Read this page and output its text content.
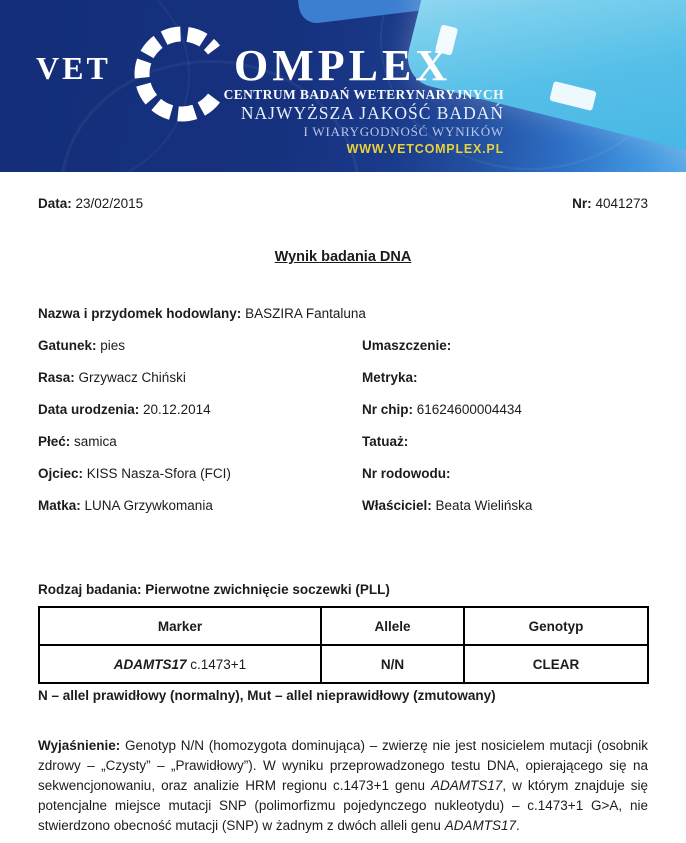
VET	OMPLEX
CENTRUM BADAŃ WETERYNARYJNYCH
NAJWYŻSZA JAKOŚĆ BADAŃ
I WIARYGODNOŚĆ WYNIKÓW
WWW.VETCOMPLEX.PL
Data: 23/02/2015	Nr: 4041273
Wynik badania DNA
Nazwa i przydomek hodowlany: BASZIRA Fantaluna
Gatunek: pies
Rasa: Grzywacz Chiński
Data urodzenia: 20.12.2014
Płeć: samica
Ojciec: KISS Nasza-Sfora (FCI)
Matka: LUNA Grzywkomania
Umaszczenie:
Metryka:
Nr chip: 61624600004434
Tatuaż:
Nr rodowodu:
Właściciel: Beata Wielińska
Rodzaj badania: Pierwotne zwichnięcie soczewki (PLL)
Marker	Allele	Genotyp
ADAMTS17 c.1473+1	N/N	CLEAR
N – allel prawidłowy (normalny), Mut – allel nieprawidłowy (zmutowany)

Wyjaśnienie: Genotyp N/N (homozygota dominująca) – zwierzę nie jest nosicielem mutacji (osobnik zdrowy – „Czysty” – „Prawidłowy”). W wyniku przeprowadzonego testu DNA, opierającego się na sekwencjonowaniu, oraz analizie HRM regionu c.1473+1 genu ADAMTS17, w którym znajduje się potencjalne miejsce mutacji SNP (polimorfizmu pojedynczego nukleotydu) – c.1473+1 G>A, nie stwierdzono obecność mutacji (SNP) w żadnym z dwóch alleli genu ADAMTS17.
